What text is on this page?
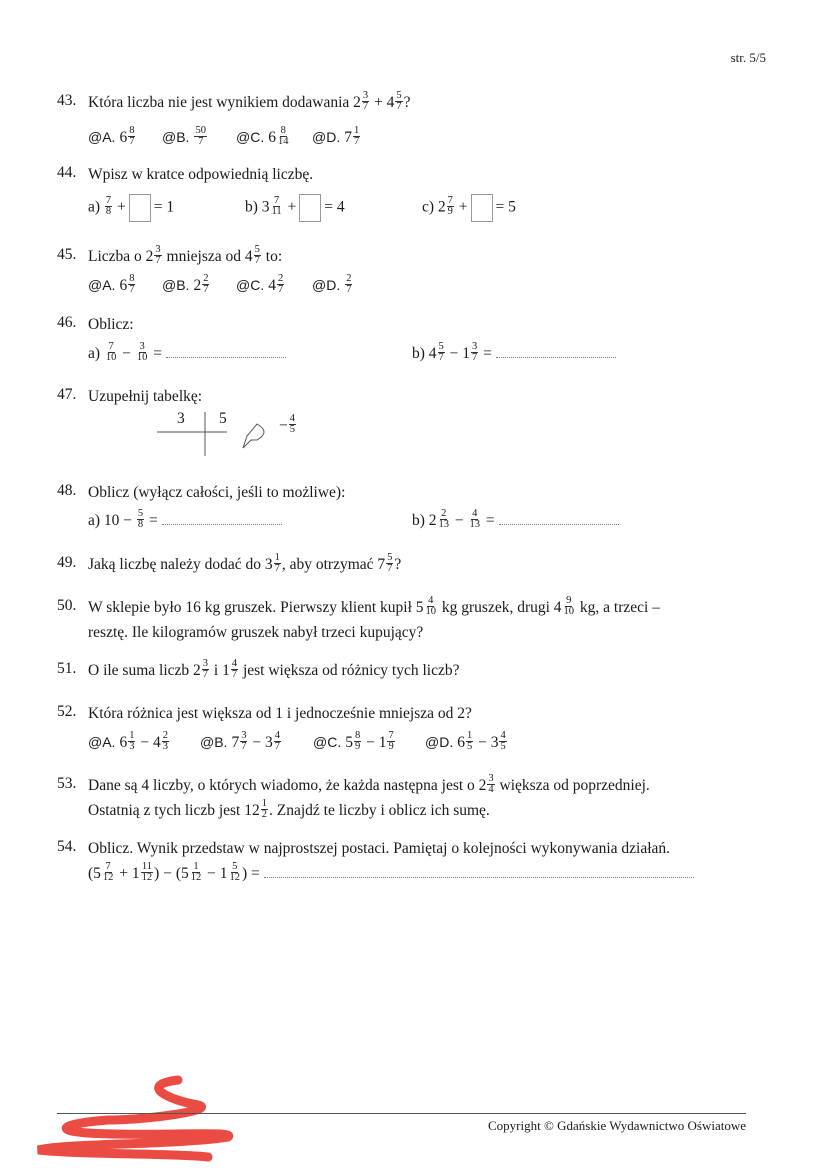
str. 5/5
43. Która liczba nie jest wynikiem dodawania $2 \frac{3}{7} + 4 \frac{5}{7}$ ?
@A. $6 \frac{8}{7}$ @B. $\frac{50}{7}$ @C. $6 \frac{8}{14}$ @D. $7 \frac{1}{7}$
44. Wpisz w kratce odpowiednią liczbę.
$a) \frac{7}{8}$ + = 1	b) $3 \frac{7}{11}$ + = 4	c) $2 \frac{7}{9}$ + = 5
45. Liczba o $2 \frac{3}{7}$ mniejsza od $4 \frac{5}{7}$ to:
@A. $6 \frac{8}{7}$ @B. $2 \frac{2}{7}$ @C. $4 \frac{2}{7}$ @D. $\frac{2}{7}$
46. Oblicz:
$a) \frac{7}{10} - \frac{3}{10}$ =	b) $4 \frac{5}{7} - 1 \frac{3}{7}$ =
47. Uzupełnij tabelkę:
3 5	− $\frac{4}{5}$
48. Oblicz (wyłącz całości, jeśli to możliwe):
a) $10 - \frac{5}{8}$ =	b) $2 \frac{2}{13} - \frac{4}{13}$ =
49. Jaką liczbę należy dodać do $3 \frac{1}{7}$ , aby otrzymać $7 \frac{5}{7}$ ?
50. W sklepie było 16 kg gruszek. Pierwszy klient kupił $5 \frac{4}{10}$ kg gruszek, drugi $4 \frac{9}{10}$ kg, a trzeci –
resztę. Ile kilogramów gruszek nabył trzeci kupujący?
51. O ile suma liczb $2 \frac{3}{7}$ i $1 \frac{4}{7}$ jest większa od różnicy tych liczb?
52. Która różnica jest większa od 1 i jednocześnie mniejsza od 2?
@A. $6 \frac{1}{3} - 4 \frac{2}{3}$ @B. $7 \frac{3}{7} - 3 \frac{4}{7}$ @C. $5 \frac{8}{9} - 1 \frac{7}{9}$ @D. $6 \frac{1}{5} - 3 \frac{4}{5}$
53. Dane są 4 liczby, o których wiadomo, że każda następna jest o $2 \frac{3}{4}$ większa od poprzedniej.
Ostatnią z tych liczb jest $12 \frac{1}{2}$ . Znajdź te liczby i oblicz ich sumę.
54. Oblicz. Wynik przedstaw w najprostszej postaci. Pamiętaj o kolejności wykonywania działań.
($5 \frac{7}{12} + 1 \frac{11}{12}$ ) − ($5 \frac{1}{12} - 1 \frac{5}{12}$ ) =
Copyright © Gdańskie Wydawnictwo Oświatowe
